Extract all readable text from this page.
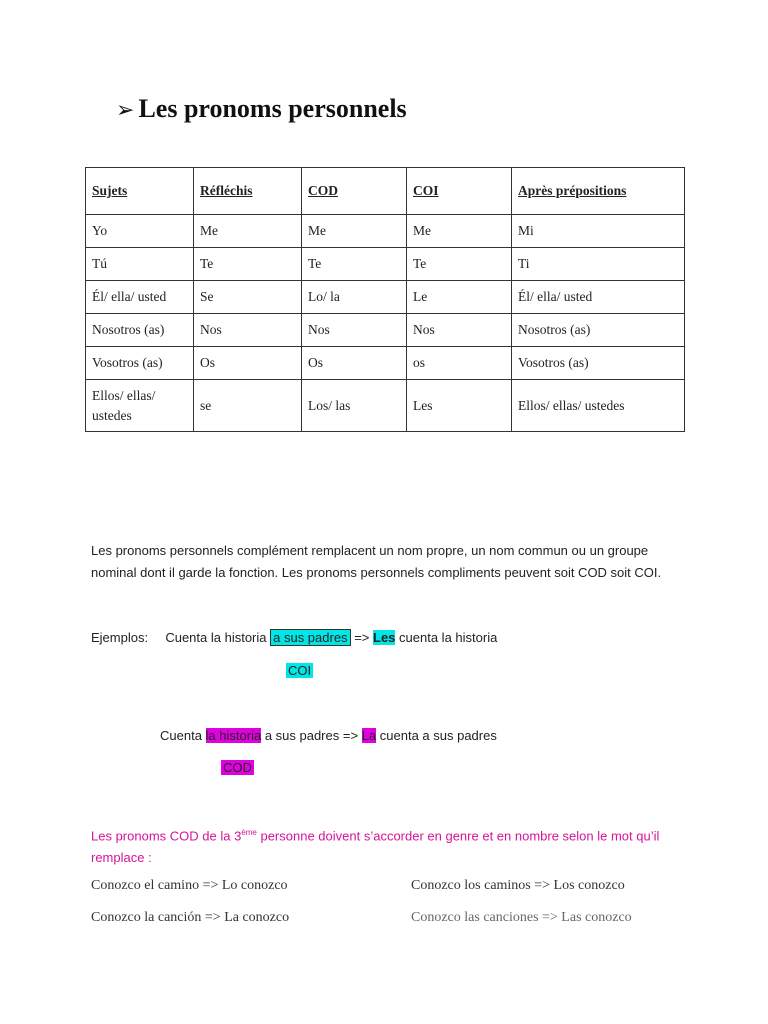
➢ Les pronoms personnels
Sujets	Réfléchis	COD	COI	Après prépositions
Yo	Me	Me	Me	Mi
Tú	Te	Te	Te	Ti
Él/ ella/ usted	Se	Lo/ la	Le	Él/ ella/ usted
Nosotros (as)	Nos	Nos	Nos	Nosotros (as)
Vosotros (as)	Os	Os	os	Vosotros (as)
Ellos/ ellas/ ustedes	se	Los/ las	Les	Ellos/ ellas/ ustedes
Les pronoms personnels complément remplacent un nom propre, un nom commun ou un groupe nominal dont il garde la fonction. Les pronoms personnels compliments peuvent soit COD soit COI.
Ejemplos: Cuenta la historia a sus padres => Les cuenta la historia
COI
Cuenta la historia a sus padres => La cuenta a sus padres
COD
Les pronoms COD de la 3ème personne doivent s’accorder en genre et en nombre selon le mot qu’il remplace :
Conozco el camino => Lo conozco	Conozco los caminos => Los conozco
Conozco la canción => La conozco	Conozco las canciones => Las conozco
